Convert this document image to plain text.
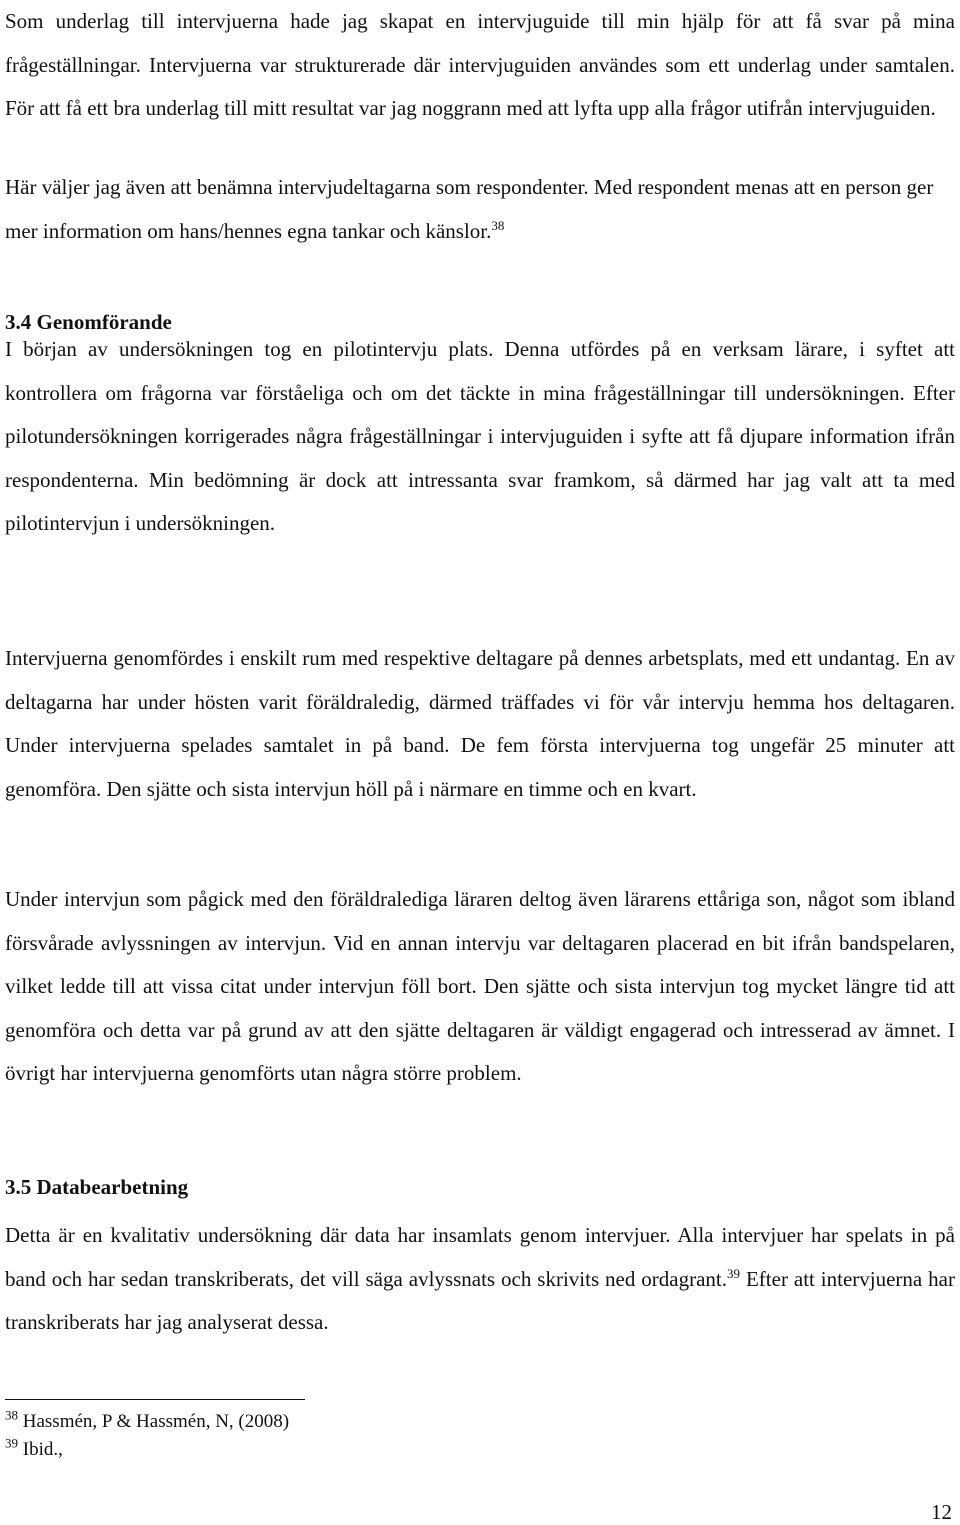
Som underlag till intervjuerna hade jag skapat en intervjuguide till min hjälp för att få svar på mina frågeställningar. Intervjuerna var strukturerade där intervjuguiden användes som ett underlag under samtalen. För att få ett bra underlag till mitt resultat var jag noggrann med att lyfta upp alla frågor utifrån intervjuguiden.

Här väljer jag även att benämna intervjudeltagarna som respondenter. Med respondent menas att en person ger mer information om hans/hennes egna tankar och känslor.$^{38}$

3.4 Genomförande

I början av undersökningen tog en pilotintervju plats. Denna utfördes på en verksam lärare, i syftet att kontrollera om frågorna var förståeliga och om det täckte in mina frågeställningar till undersökningen. Efter pilotundersökningen korrigerades några frågeställningar i intervjuguiden i syfte att få djupare information ifrån respondenterna. Min bedömning är dock att intressanta svar framkom, så därmed har jag valt att ta med pilotintervjun i undersökningen.

Intervjuerna genomfördes i enskilt rum med respektive deltagare på dennes arbetsplats, med ett undantag. En av deltagarna har under hösten varit föräldraledig, därmed träffades vi för vår intervju hemma hos deltagaren. Under intervjuerna spelades samtalet in på band. De fem första intervjuerna tog ungefär 25 minuter att genomföra. Den sjätte och sista intervjun höll på i närmare en timme och en kvart.

Under intervjun som pågick med den föräldralediga läraren deltog även lärarens ettåriga son, något som ibland försvårade avlyssningen av intervjun. Vid en annan intervju var deltagaren placerad en bit ifrån bandspelaren, vilket ledde till att vissa citat under intervjun föll bort. Den sjätte och sista intervjun tog mycket längre tid att genomföra och detta var på grund av att den sjätte deltagaren är väldigt engagerad och intresserad av ämnet. I övrigt har intervjuerna genomförts utan några större problem.

3.5 Databearbetning

Detta är en kvalitativ undersökning där data har insamlats genom intervjuer. Alla intervjuer har spelats in på band och har sedan transkriberats, det vill säga avlyssnats och skrivits ned ordagrant.$^{39}$ Efter att intervjuerna har transkriberats har jag analyserat dessa.

$^{38}$ Hassmén, P & Hassmén, N, (2008)

$^{39}$ Ibid.,

12
